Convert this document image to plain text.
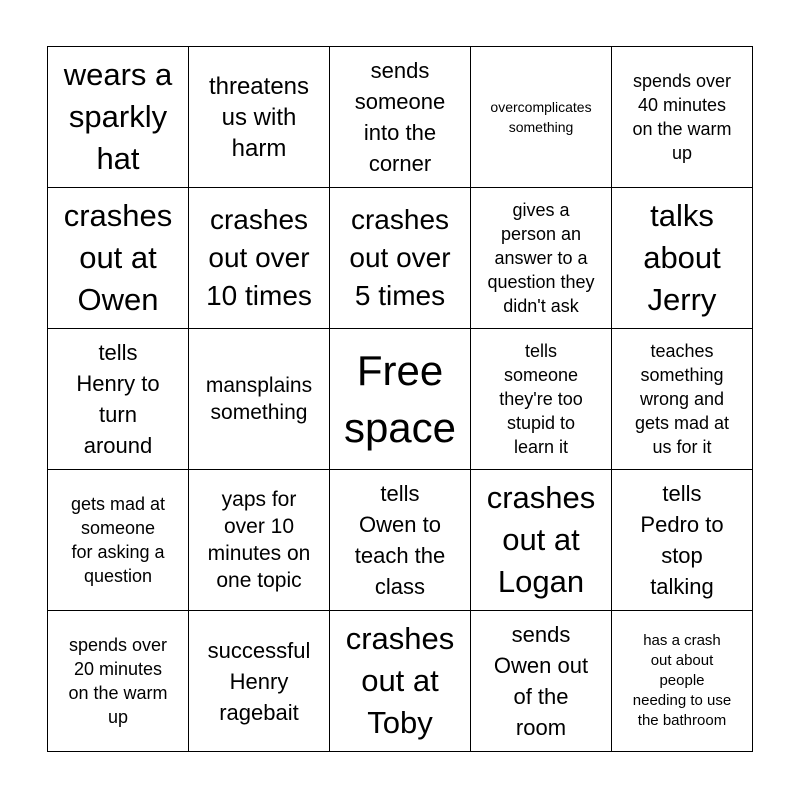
wears a
sparkly
hat
threatens
us with
harm
sends
someone
into the
corner
overcomplicates
something
spends over
40 minutes
on the warm
up
crashes
out at
Owen
crashes
out over
10 times
crashes
out over
5 times
gives a
person an
answer to a
question they
didn't ask
talks
about
Jerry
tells
Henry to
turn
around
mansplains
something
Free
space
tells
someone
they're too
stupid to
learn it
teaches
something
wrong and
gets mad at
us for it
gets mad at
someone
for asking a
question
yaps for
over 10
minutes on
one topic
tells
Owen to
teach the
class
crashes
out at
Logan
tells
Pedro to
stop
talking
spends over
20 minutes
on the warm
up
successful
Henry
ragebait
crashes
out at
Toby
sends
Owen out
of the
room
has a crash
out about
people
needing to use
the bathroom
